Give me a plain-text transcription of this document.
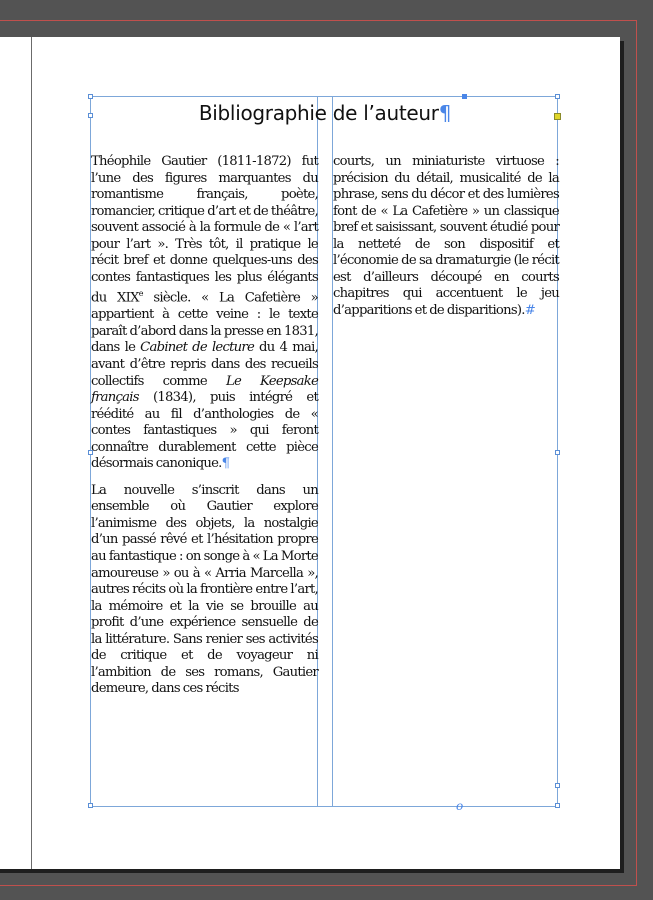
Bibliographie de l’auteur¶

Théophile Gautier (1811-1872) fut l’une des figures marquantes du romantisme français, poète, romancier, critique d’art et de théâtre, souvent associé à la formule de « l’art pour l’art ». Très tôt, il pratique le récit bref et donne quelques-uns des contes fantastiques les plus élégants du XIXe siècle. « La Cafetière » appartient à cette veine : le texte paraît d’abord dans la presse en 1831, dans le Cabinet de lecture du 4 mai, avant d’être repris dans des recueils collectifs comme Le Keepsake français (1834), puis intégré et réédité au fil d’anthologies de « contes fantastiques » qui feront connaître durablement cette pièce désormais canonique.¶

La nouvelle s’inscrit dans un ensemble où Gautier explore l’animisme des objets, la nostalgie d’un passé rêvé et l’hésitation propre au fantastique : on songe à « La Morte amoureuse » ou à « Arria Marcella », autres récits où la frontière entre l’art, la mémoire et la vie se brouille au profit d’une expérience sensuelle de la littérature. Sans renier ses activités de critique et de voyageur ni l’ambition de ses romans, Gautier demeure, dans ces récits

courts, un miniaturiste virtuose : précision du détail, musicalité de la phrase, sens du décor et des lumières font de « La Cafetière » un classique bref et saisissant, souvent étudié pour la netteté de son dispositif et l’économie de sa dramaturgie (le récit est d’ailleurs découpé en courts chapitres qui accentuent le jeu d’apparitions et de disparitions).#

o
